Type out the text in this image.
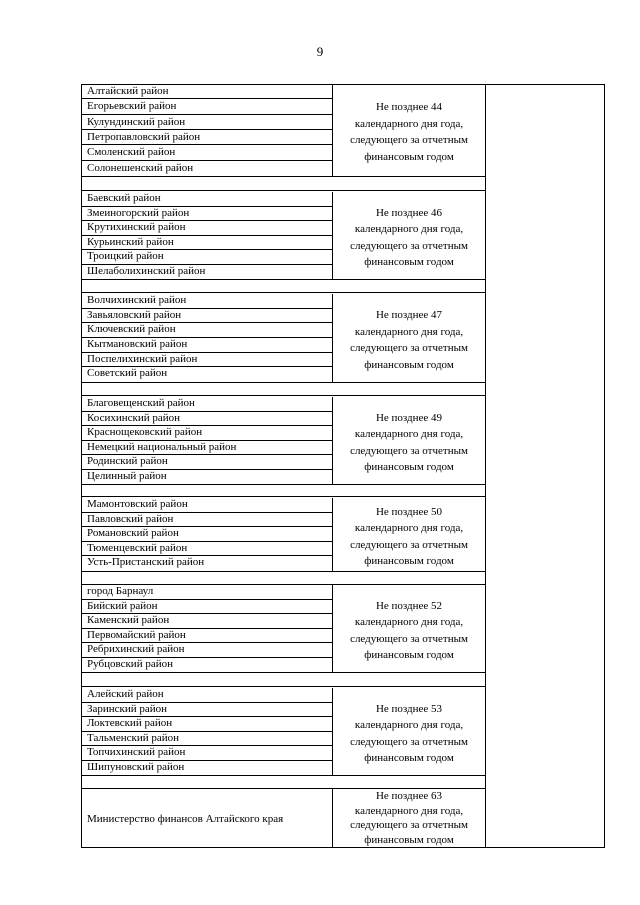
9
Алтайский район
Егорьевский район
Кулундинский район
Петропавловский район
Смоленский район
Солонешенский район
Не позднее 44
календарного дня года,
следующего за отчетным
финансовым годом
Баевский район
Змеиногорский район
Крутихинский район
Курьинский район
Троицкий район
Шелаболихинский район
Не позднее 46
календарного дня года,
следующего за отчетным
финансовым годом
Волчихинский район
Завьяловский район
Ключевский район
Кытмановский район
Поспелихинский район
Советский район
Не позднее 47
календарного дня года,
следующего за отчетным
финансовым годом
Благовещенский район
Косихинский район
Краснощековский район
Немецкий национальный район
Родинский район
Целинный район
Не позднее 49
календарного дня года,
следующего за отчетным
финансовым годом
Мамонтовский район
Павловский район
Романовский район
Тюменцевский район
Усть-Пристанский район
Не позднее 50
календарного дня года,
следующего за отчетным
финансовым годом
город Барнаул
Бийский район
Каменский район
Первомайский район
Ребрихинский район
Рубцовский район
Не позднее 52
календарного дня года,
следующего за отчетным
финансовым годом
Алейский район
Заринский район
Локтевский район
Тальменский район
Топчихинский район
Шипуновский район
Не позднее 53
календарного дня года,
следующего за отчетным
финансовым годом
Министерство финансов Алтайского края
Не позднее 63
календарного дня года,
следующего за отчетным
финансовым годом
